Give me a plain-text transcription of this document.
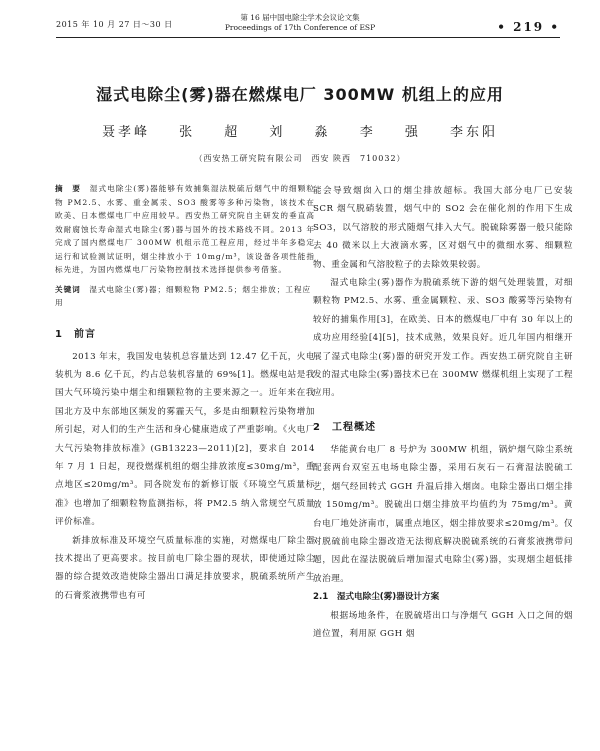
2015 年 10 月 27 日～30 日
第 16 届中国电除尘学术会议论文集
Proceedings of 17th Conference of ESP	• 219 •
湿式电除尘(雾)器在燃煤电厂 300MW 机组上的应用
聂孝峰 张 超 刘 淼 李 强 李东阳
（西安热工研究院有限公司　西安 陕西　710032）
摘　要　 湿式电除尘(雾)器能够有效捕集湿法脱硫后烟气中的细颗粒物 PM2.5、水雾、重金属汞、SO3 酸雾等多种污染物，该技术在欧美、日本燃煤电厂中应用较早。西安热工研究院自主研发的垂直高效耐腐蚀长寿命湿式电除尘(雾)器与国外的技术路线不同。2013 年完成了国内燃煤电厂 300MW 机组示范工程应用，经过半年多稳定运行和试验测试证明，烟尘排放小于 10mg/m³，该设备各项性能指标先进，为国内燃煤电厂污染物控制技术选择提供参考借鉴。
关键词　 湿式电除尘(雾)器；细颗粒物 PM2.5；烟尘排放；工程应用
1　前言

2013 年末，我国发电装机总容量达到 12.47 亿千瓦，火电装机为 8.6 亿千瓦，约占总装机容量的 69%[1]。燃煤电站是我国大气环境污染中烟尘和细颗粒物的主要来源之一。近年来在我国北方及中东部地区频发的雾霾天气，多是由细颗粒污染物增加所引起，对人们的生产生活和身心健康造成了严重影响。《火电厂大气污染物排放标准》(GB13223—2011)[2]，要求自 2014 年 7 月 1 日起，现役燃煤机组的烟尘排放浓度≤30mg/m³，重点地区≤20mg/m³。同各院发布的新修订版《环境空气质量标准》也增加了细颗粒物监测指标，将 PM2.5 纳入常规空气质量评价标准。

新排放标准及环境空气质量标准的实施，对燃煤电厂除尘器技术提出了更高要求。按目前电厂除尘器的现状，即使通过除尘器的综合提效改造使除尘器出口满足排放要求，脱硫系统所产生的石膏浆液携带也有可

能会导致烟囱入口的烟尘排放超标。我国大部分电厂已安装 SCR 烟气脱硝装置，烟气中的 SO2 会在催化剂的作用下生成 SO3，以气溶胶的形式随烟气排入大气。脱硫除雾器一般只能除去 40 微米以上大液滴水雾，区对烟气中的微细水雾、细颗粒物、重金属和气溶胶粒子的去除效果较弱。

湿式电除尘(雾)器作为脱硫系统下游的烟气处理装置，对细颗粒物 PM2.5、水雾、重金属颗粒、汞、SO3 酸雾等污染物有较好的捕集作用[3]，在欧美、日本的燃煤电厂中有 30 年以上的成功应用经验[4][5]，技术成熟，效果良好。近几年国内相继开展了湿式电除尘(雾)器的研究开发工作。西安热工研究院自主研发的湿式电除尘(雾)器技术已在 300MW 燃煤机组上实现了工程应用。

2　工程概述

华能黄台电厂 8 号炉为 300MW 机组，锅炉烟气除尘系统配套两台双室五电场电除尘器，采用石灰石－石膏湿法脱硫工艺，烟气经回转式 GGH 升温后排入烟囱。电除尘器出口烟尘排放 150mg/m³。脱硫出口烟尘排放平均值约为 75mg/m³。黄台电厂地处济南市，属重点地区，烟尘排放要求≤20mg/m³。仅对脱硫前电除尘器改造无法彻底解决脱硫系统的石膏浆液携带问题，因此在湿法脱硫后增加湿式电除尘(雾)器，实现烟尘超低排放治理。

2.1　湿式电除尘(雾)器设计方案

根据场地条件，在脱硫塔出口与净烟气 GGH 入口之间的烟道位置，利用原 GGH 烟
